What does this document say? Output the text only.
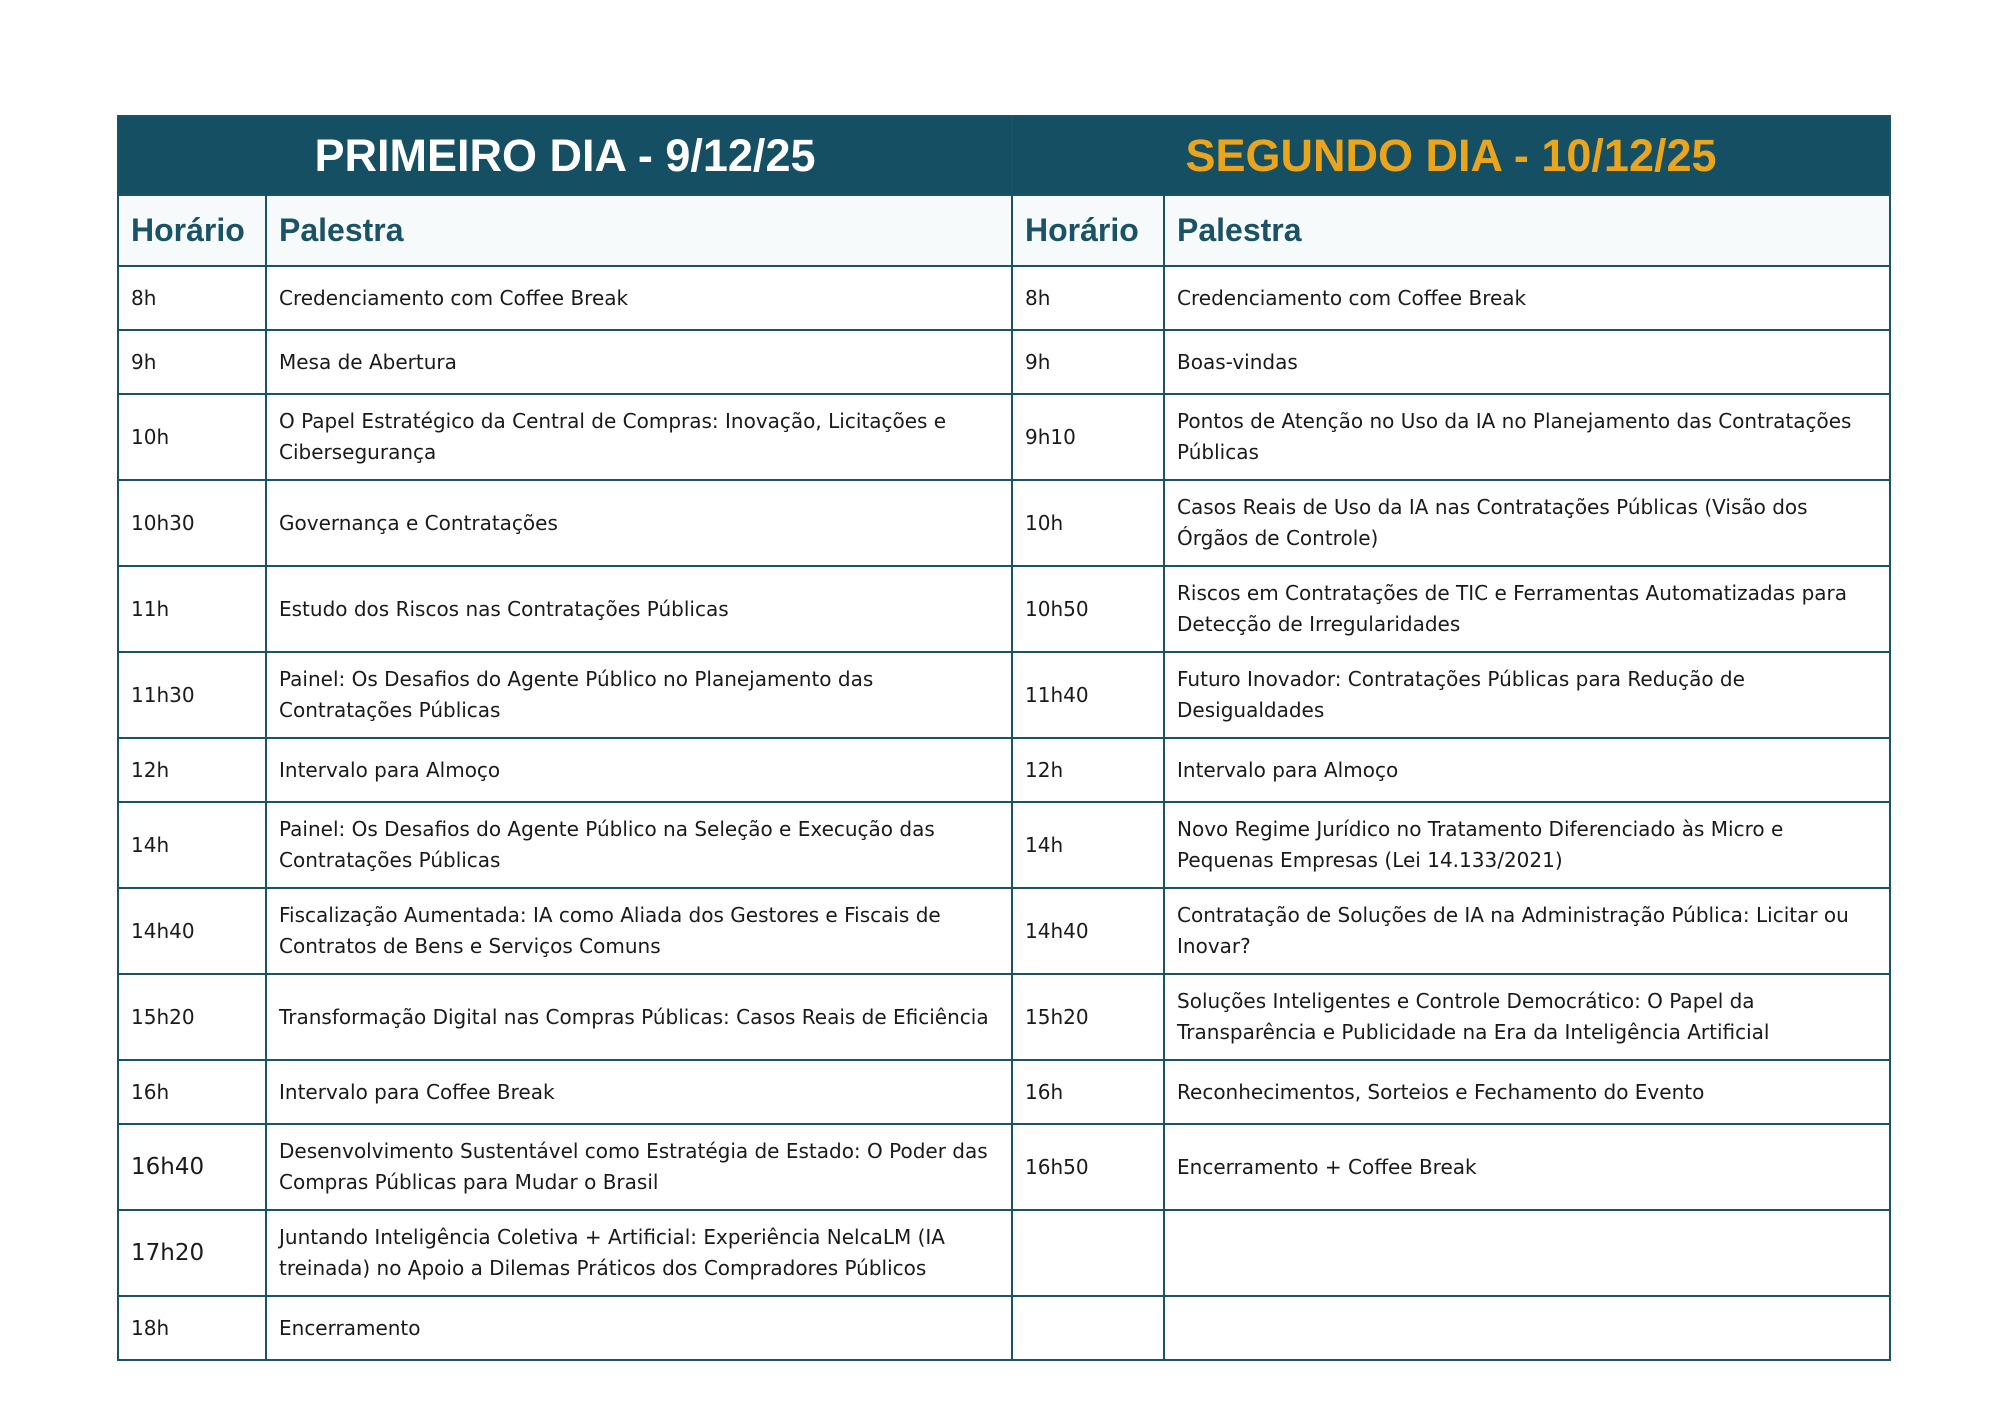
PRIMEIRO DIA - 9/12/25		SEGUNDO DIA - 10/12/25	
Horário	Palestra	Horário	Palestra
8h	Credenciamento com Coffee Break	8h	Credenciamento com Coffee Break
9h	Mesa de Abertura	9h	Boas-vindas
10h	O Papel Estratégico da Central de Compras: Inovação, Licitações e Cibersegurança	9h10	Pontos de Atenção no Uso da IA no Planejamento das Contratações Públicas
10h30	Governança e Contratações	10h	Casos Reais de Uso da IA nas Contratações Públicas (Visão dos Órgãos de Controle)
11h	Estudo dos Riscos nas Contratações Públicas	10h50	Riscos em Contratações de TIC e Ferramentas Automatizadas para Detecção de Irregularidades
11h30	Painel: Os Desafios do Agente Público no Planejamento das Contratações Públicas	11h40	Futuro Inovador: Contratações Públicas para Redução de Desigualdades
12h	Intervalo para Almoço	12h	Intervalo para Almoço
14h	Painel: Os Desafios do Agente Público na Seleção e Execução das Contratações Públicas	14h	Novo Regime Jurídico no Tratamento Diferenciado às Micro e Pequenas Empresas (Lei 14.133/2021)
14h40	Fiscalização Aumentada: IA como Aliada dos Gestores e Fiscais de Contratos de Bens e Serviços Comuns	14h40	Contratação de Soluções de IA na Administração Pública: Licitar ou Inovar?
15h20	Transformação Digital nas Compras Públicas: Casos Reais de Eficiência	15h20	Soluções Inteligentes e Controle Democrático: O Papel da Transparência e Publicidade na Era da Inteligência Artificial
16h	Intervalo para Coffee Break	16h	Reconhecimentos, Sorteios e Fechamento do Evento
16h40	Desenvolvimento Sustentável como Estratégia de Estado: O Poder das Compras Públicas para Mudar o Brasil	16h50	Encerramento + Coffee Break
17h20	Juntando Inteligência Coletiva + Artificial: Experiência NelcaLM (IA treinada) no Apoio a Dilemas Práticos dos Compradores Públicos		
18h	Encerramento		
